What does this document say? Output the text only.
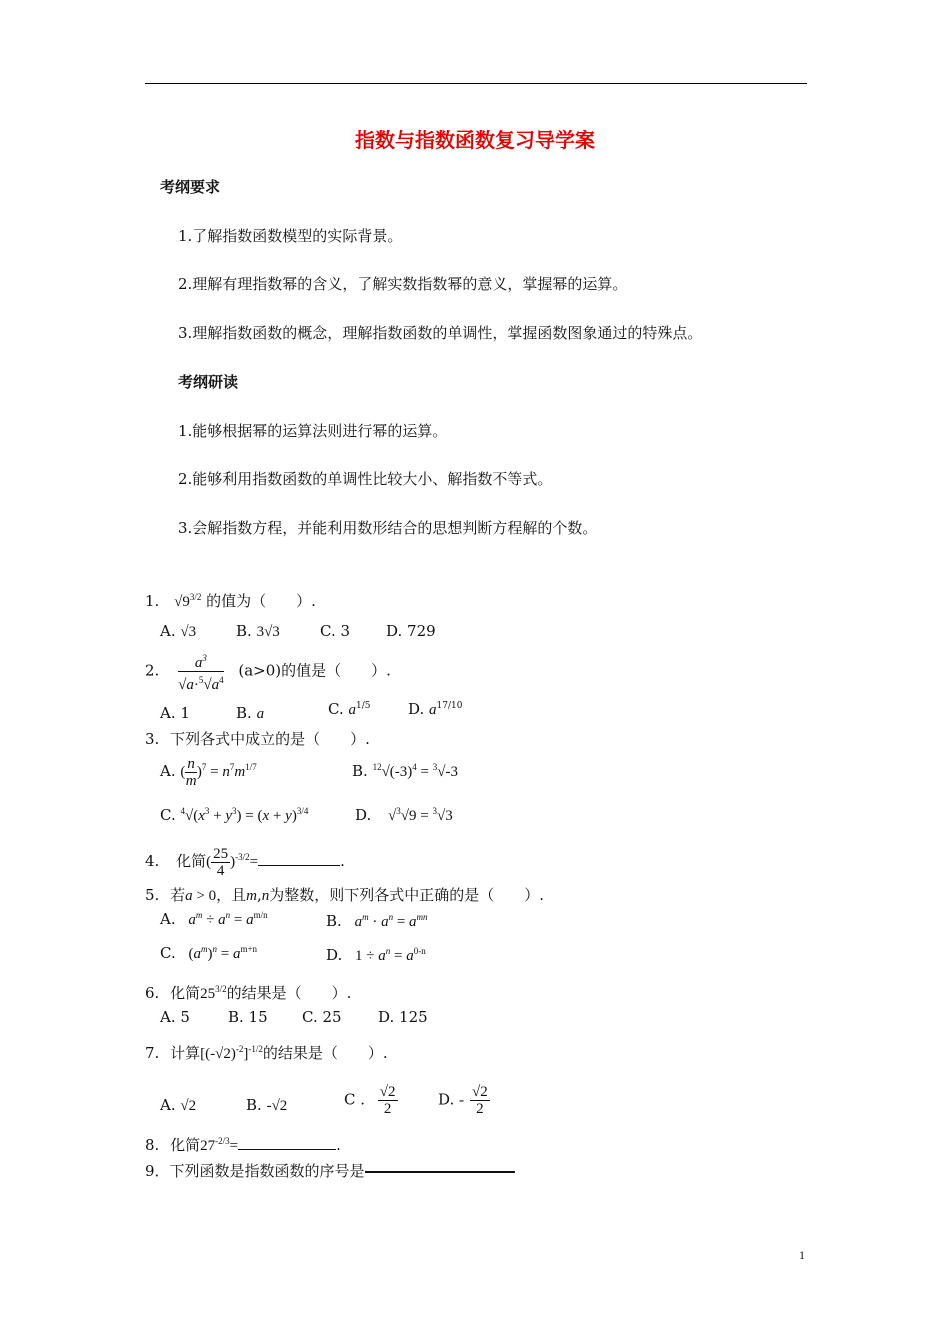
指数与指数函数复习导学案
考纲要求
1.了解指数函数模型的实际背景。
2.理解有理指数幂的含义，了解实数指数幂的意义，掌握幂的运算。
3.理解指数函数的概念，理解指数函数的单调性，掌握函数图象通过的特殊点。
考纲研读
1.能够根据幂的运算法则进行幂的运算。
2.能够利用指数函数的单调性比较大小、解指数不等式。
3.会解指数方程，并能利用数形结合的思想判断方程解的个数。
1. $√9^{3/2}$ 的值为（　　）.
A. √3	B. 3√3	C. 3 D. 729
2. $\frac{a^3}{√a\cdot^5√a^4} (a>0)$的值是（　　）.
A. 1	B. a	C. $a^{1/5}$	D. $a^{17/10}$
3. 下列各式中成立的是（　　）.
A. ( $\frac{n}{m} )^7 = n^7m^{1/7}$	B. $^{12}√(-3)^4 = ^3√-3$
C. $^4√(x^3 + y^3) = (x + y)^{3/4}$	D. √$^3$√9 = $^3$√3
4. 化简( $\frac{25}{4} )^{-3/2}=$	.
5. 若a > 0，且m,n为整数，则下列各式中正确的是（　　）.
A. $a^m \div a^n = a^{m/n}$	B. $a^m \cdot a^n = a^{mn}$
C. $(a^m)^n = a^{m+n}$	D. $1 \div a^n = a^{0-n}$
6. 化简$25^{3/2}$的结果是（　　）.
A. 5	B. 15 C. 25 D. 125
7. 计算$[(-√2)^{-2}]^{-1/2}$的结果是（　　）.
A. √2	B. -√2	C . $\frac{√2}{2}$	D. - $\frac{√2}{2}$
8. 化简$27^{-2/3}=$	.
9．下列函数是指数函数的序号是
1
